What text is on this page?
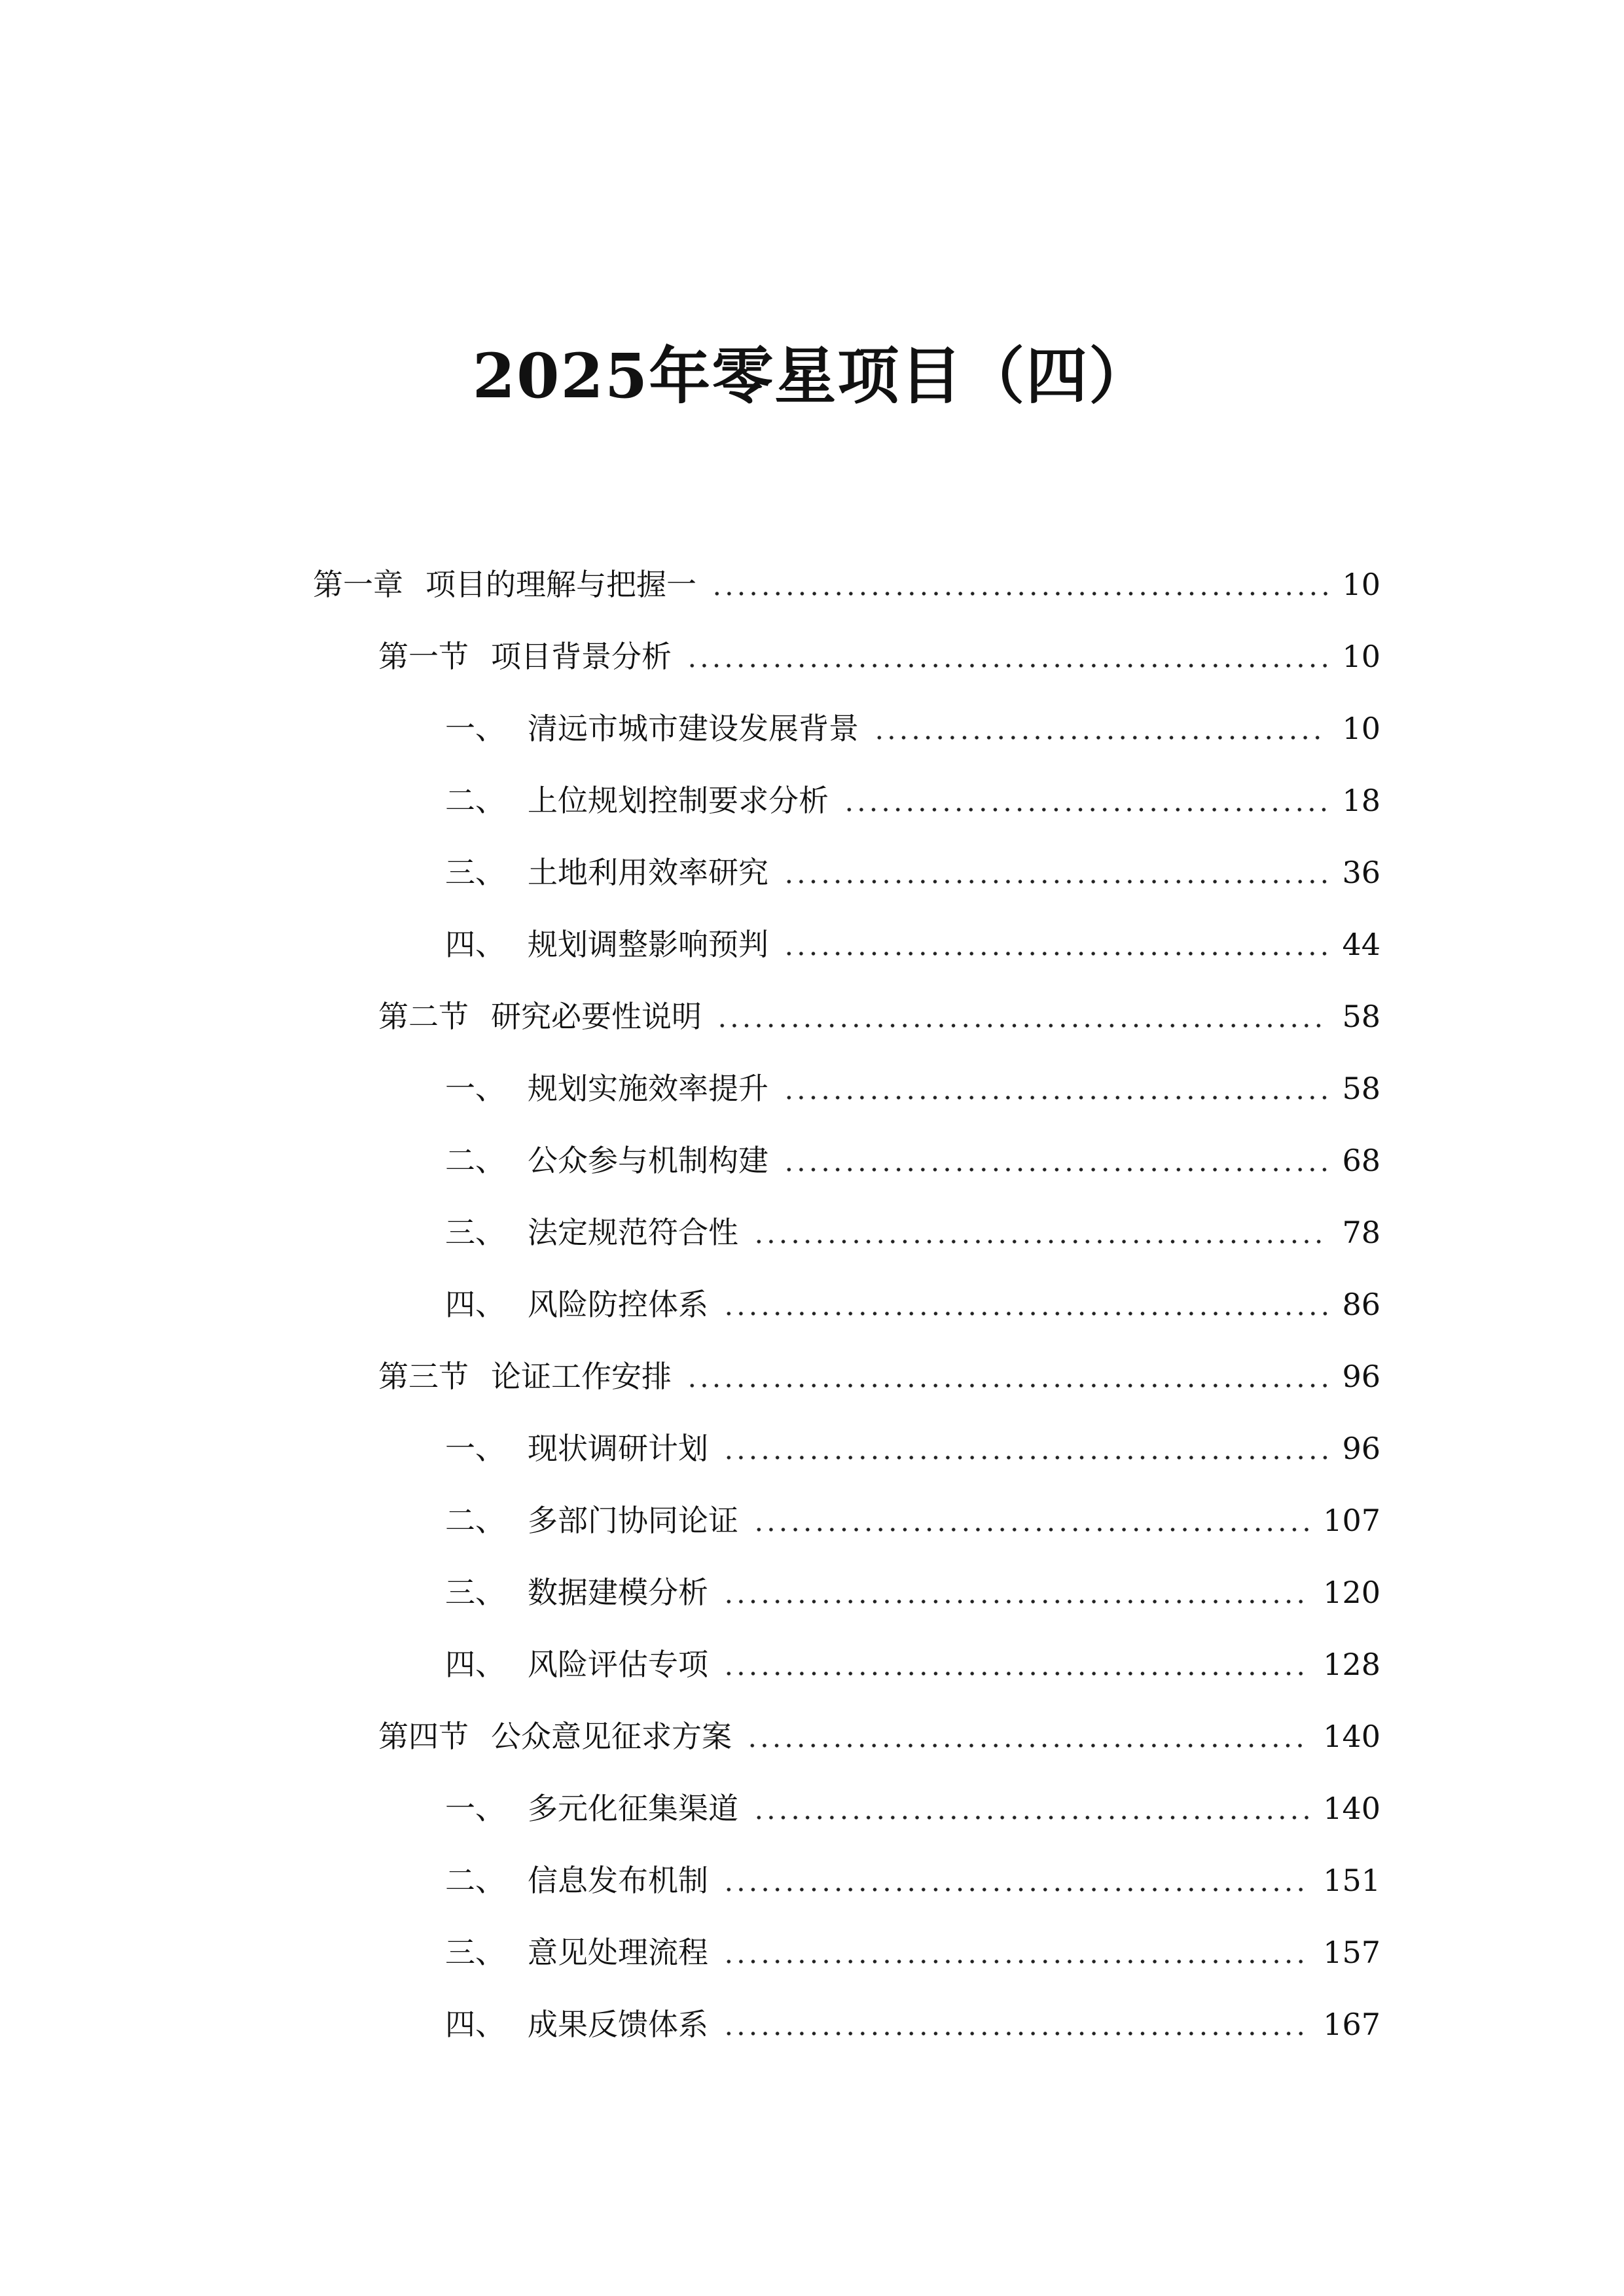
2025年零星项目（四）
第一章 项目的理解与把握一	10
第一节 项目背景分析	10
一、 清远市城市建设发展背景	10
二、 上位规划控制要求分析	18
三、 土地利用效率研究	36
四、 规划调整影响预判	44
第二节 研究必要性说明	58
一、 规划实施效率提升	58
二、 公众参与机制构建	68
三、 法定规范符合性	78
四、 风险防控体系	86
第三节 论证工作安排	96
一、 现状调研计划	96
二、 多部门协同论证	107
三、 数据建模分析	120
四、 风险评估专项	128
第四节 公众意见征求方案	140
一、 多元化征集渠道	140
二、 信息发布机制	151
三、 意见处理流程	157
四、 成果反馈体系	167
